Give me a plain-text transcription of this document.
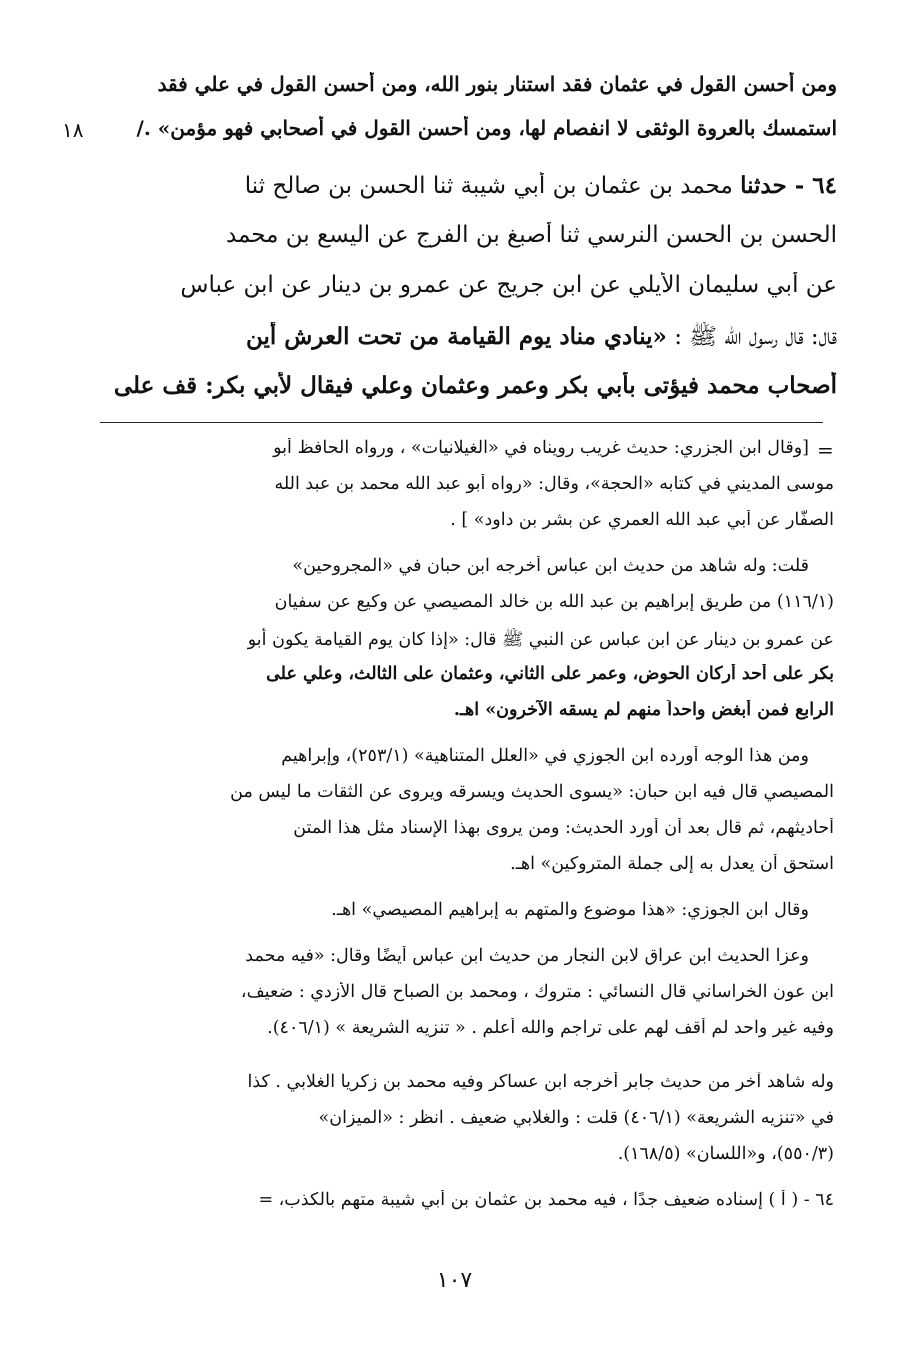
ومن أحسن القول في عثمان فقد استنار بنور الله، ومن أحسن القول في علي فقد
استمسك بالعروة الوثقى لا انفصام لها، ومن أحسن القول في أصحابي فهو مؤمن» ./
١٨
٦٤ - حدثنا محمد بن عثمان بن أبي شيبة ثنا الحسن بن صالح ثنا
الحسن بن الحسن النرسي ثنا أصبغ بن الفرج عن اليسع بن محمد
عن أبي سليمان الأيلي عن ابن جريج عن عمرو بن دينار عن ابن عباس
قال: قال رسول الله ﷺ : «ينادي مناد يوم القيامة من تحت العرش أين
أصحاب محمد فيؤتى بأبي بكر وعمر وعثمان وعلي فيقال لأبي بكر: قف على
=
[وقال ابن الجزري: حديث غريب رويناه في «الغيلانيات» ، ورواه الحافظ أبو
موسى المديني في كتابه «الحجة»، وقال: «رواه أبو عبد الله محمد بن عبد الله
الصفّار عن أبي عبد الله العمري عن بشر بن داود» ] .
قلت: وله شاهد من حديث ابن عباس أخرجه ابن حبان في «المجروحين»
(١١٦/١) من طريق إبراهيم بن عبد الله بن خالد المصيصي عن وكيع عن سفيان
عن عمرو بن دينار عن ابن عباس عن النبي ﷺ قال: «إذا كان يوم القيامة يكون أبو
بكر على أحد أركان الحوض، وعمر على الثاني، وعثمان على الثالث، وعلي على
الرابع فمن أبغض واحداً منهم لم يسقه الآخرون» اهـ.
ومن هذا الوجه أورده ابن الجوزي في «العلل المتناهية» (٢٥٣/١)، وإبراهيم
المصيصي قال فيه ابن حبان: «يسوى الحديث ويسرقه ويروى عن الثقات ما ليس من
أحاديثهم، ثم قال بعد أن أورد الحديث: ومن يروى بهذا الإسناد مثل هذا المتن
استحق أن يعدل به إلى جملة المتروكين» اهـ.
وقال ابن الجوزي: «هذا موضوع والمتهم به إبراهيم المصيصي» اهـ.
وعزا الحديث ابن عراق لابن النجار من حديث ابن عباس أيضًا وقال: «فيه محمد
ابن عون الخراساني قال النسائي : متروك ، ومحمد بن الصباح قال الأزدي : ضعيف،
وفيه غير واحد لم أقف لهم على تراجم والله أعلم . « تنزيه الشريعة » (٤٠٦/١).
وله شاهد آخر من حديث جابر أخرجه ابن عساكر وفيه محمد بن زكريا الغلابي . كذا
في «تنزيه الشريعة» (٤٠٦/١) قلت : والغلابي ضعيف . انظر : «الميزان»
(٥٥٠/٣)، و«اللسان» (١٦٨/٥).
٦٤ - ( أ ) إسناده ضعيف جدًا ، فيه محمد بن عثمان بن أبي شيبة متهم بالكذب، =
١٠٧
